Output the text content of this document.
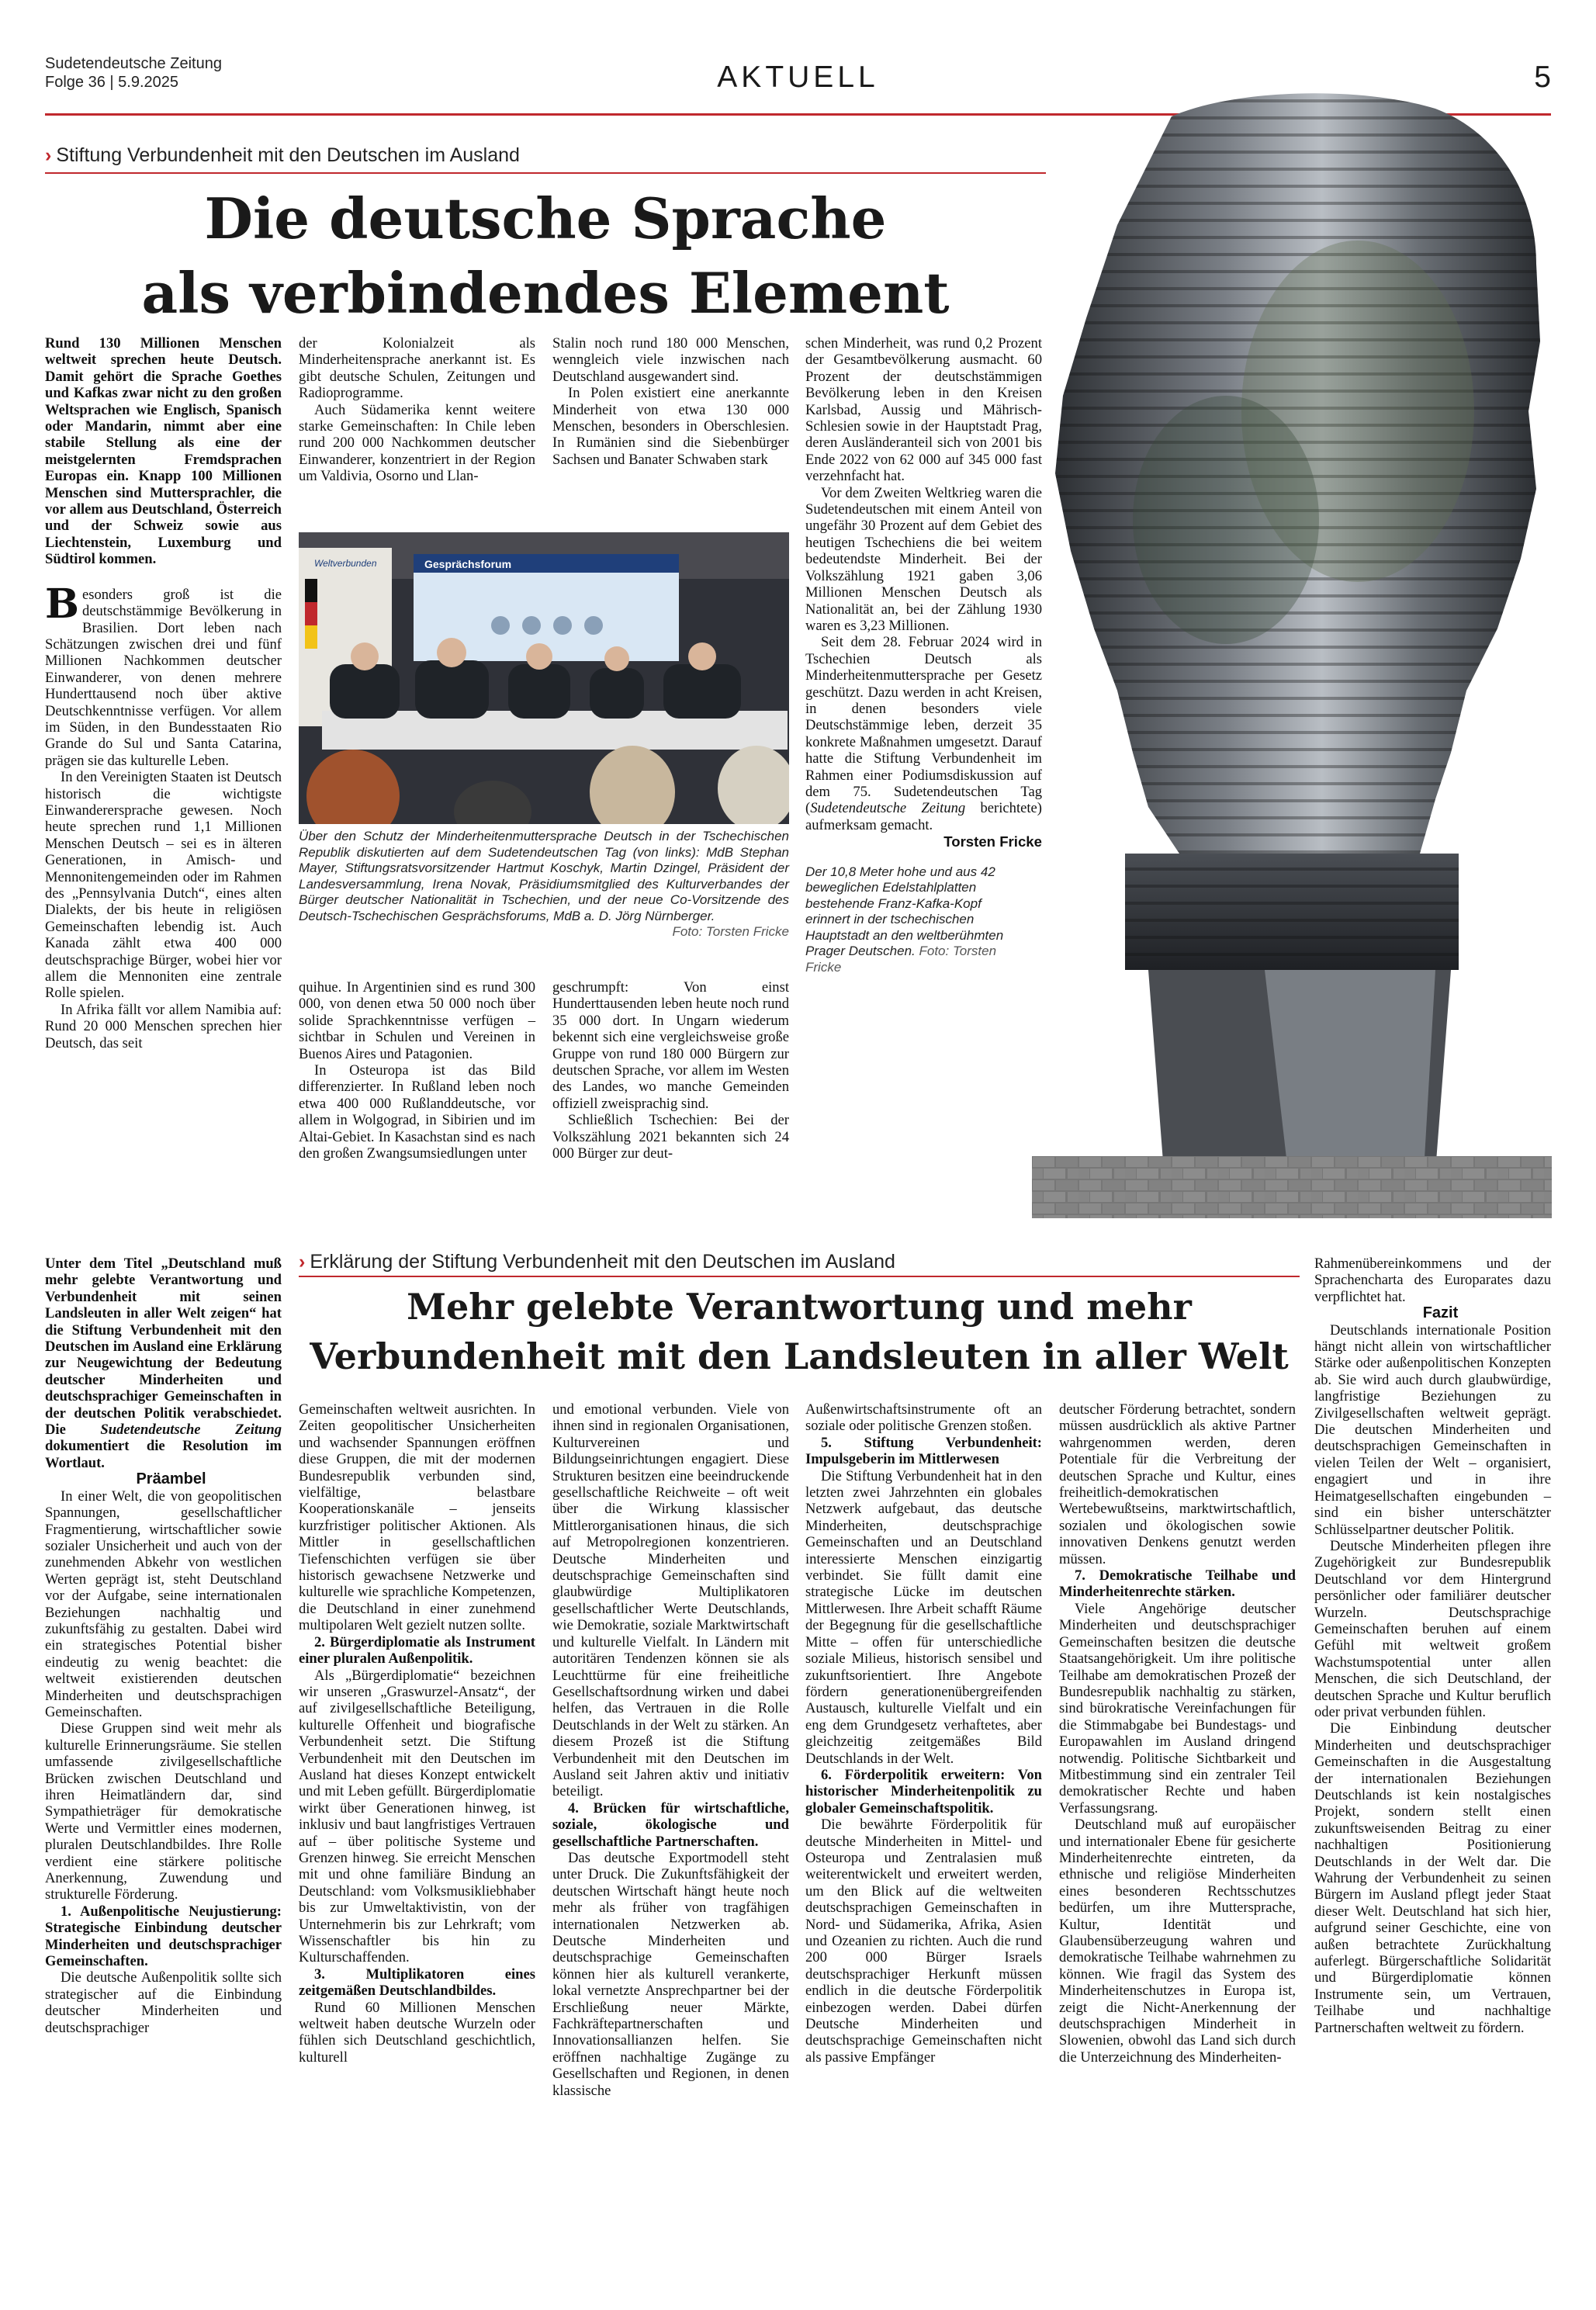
Sudetendeutsche Zeitung
Folge 36 | 5.9.2025	AKTUELL	5
› Stiftung Verbundenheit mit den Deutschen im Ausland
Die deutsche Sprache
als verbindendes Element

Rund 130 Millionen Menschen weltweit sprechen heute Deutsch. Damit gehört die Sprache Goethes und Kafkas zwar nicht zu den großen Weltsprachen wie Englisch, Spanisch oder Mandarin, nimmt aber eine stabile Stellung als eine der meistgelernten Fremdsprachen Europas ein. Knapp 100 Millionen Menschen sind Muttersprachler, die vor allem aus Deutschland, Österreich und der Schweiz sowie aus Liechtenstein, Luxemburg und Südtirol kommen.

Besonders groß ist die deutschstämmige Bevölkerung in Brasilien. Dort leben nach Schätzungen zwischen drei und fünf Millionen Nachkommen deutscher Einwanderer, von denen mehrere Hunderttausend noch über aktive Deutschkenntnisse verfügen. Vor allem im Süden, in den Bundesstaaten Rio Grande do Sul und Santa Catarina, prägen sie das kulturelle Leben.

In den Vereinigten Staaten ist Deutsch historisch die wichtigste Einwanderersprache gewesen. Noch heute sprechen rund 1,1 Millionen Menschen Deutsch – sei es in älteren Generationen, in Amisch- und Mennonitengemeinden oder im Rahmen des „Pennsylvania Dutch“, eines alten Dialekts, der bis heute in religiösen Gemeinschaften lebendig ist. Auch Kanada zählt etwa 400 000 deutschsprachige Bürger, wobei hier vor allem die Mennoniten eine zentrale Rolle spielen.

In Afrika fällt vor allem Namibia auf: Rund 20 000 Menschen sprechen hier Deutsch, das seit

der Kolonialzeit als Minderheitensprache anerkannt ist. Es gibt deutsche Schulen, Zeitungen und Radioprogramme.

Auch Südamerika kennt weitere starke Gemeinschaften: In Chile leben rund 200 000 Nachkommen deutscher Einwanderer, konzentriert in der Region um Valdivia, Osorno und Llan-

Stalin noch rund 180 000 Menschen, wenngleich viele inzwischen nach Deutschland ausgewandert sind.

In Polen existiert eine anerkannte Minderheit von etwa 130 000 Menschen, besonders in Oberschlesien. In Rumänien sind die Siebenbürger Sachsen und Banater Schwaben stark

Gesprächsforum
Weltverbunden
Über den Schutz der Minderheitenmuttersprache Deutsch in der Tschechischen Republik diskutierten auf dem Sudetendeutschen Tag (von links): MdB Stephan Mayer, Stiftungsratsvorsitzender Hartmut Koschyk, Martin Dzingel, Präsident der Landesversammlung, Irena Novak, Präsidiumsmitglied des Kulturverbandes der Bürger deutscher Nationalität in Tschechien, und der neue Co-Vorsitzende des Deutsch-Tschechischen Gesprächsforums, MdB a. D. Jörg Nürnberger.
Foto: Torsten Fricke

quihue. In Argentinien sind es rund 300 000, von denen etwa 50 000 noch über solide Sprachkenntnisse verfügen – sichtbar in Schulen und Vereinen in Buenos Aires und Patagonien.

In Osteuropa ist das Bild differenzierter. In Rußland leben noch etwa 400 000 Rußlanddeutsche, vor allem in Wolgograd, in Sibirien und im Altai-Gebiet. In Kasachstan sind es nach den großen Zwangsumsiedlungen unter

geschrumpft: Von einst Hunderttausenden leben heute noch rund 35 000 dort. In Ungarn wiederum bekennt sich eine vergleichsweise große Gruppe von rund 180 000 Bürgern zur deutschen Sprache, vor allem im Westen des Landes, wo manche Gemeinden offiziell zweisprachig sind.

Schließlich Tschechien: Bei der Volkszählung 2021 bekannten sich 24 000 Bürger zur deut-

schen Minderheit, was rund 0,2 Prozent der Gesamtbevölkerung ausmacht. 60 Prozent der deutschstämmigen Bevölkerung leben in den Kreisen Karlsbad, Aussig und Mährisch-Schlesien sowie in der Hauptstadt Prag, deren Ausländeranteil sich von 2001 bis Ende 2022 von 62 000 auf 345 000 fast verzehnfacht hat.

Vor dem Zweiten Weltkrieg waren die Sudetendeutschen mit einem Anteil von ungefähr 30 Prozent auf dem Gebiet des heutigen Tschechiens die bei weitem bedeutendste Minderheit. Bei der Volkszählung 1921 gaben 3,06 Millionen Menschen Deutsch als Nationalität an, bei der Zählung 1930 waren es 3,23 Millionen.

Seit dem 28. Februar 2024 wird in Tschechien Deutsch als Minderheitenmuttersprache per Gesetz geschützt. Dazu werden in acht Kreisen, in denen besonders viele Deutschstämmige leben, derzeit 35 konkrete Maßnahmen umgesetzt. Darauf hatte die Stiftung Verbundenheit im Rahmen einer Podiumsdiskussion auf dem 75. Sudetendeutschen Tag (Sudetendeutsche Zeitung berichtete) aufmerksam gemacht.

Torsten Fricke

Der 10,8 Meter hohe und aus 42 beweglichen Edelstahlplatten bestehende Franz-Kafka-Kopf erinnert in der tschechischen Hauptstadt an den weltberühmten Prager Deutschen. Foto: Torsten Fricke
› Erklärung der Stiftung Verbundenheit mit den Deutschen im Ausland
Mehr gelebte Verantwortung und mehr
Verbundenheit mit den Landsleuten in aller Welt

Unter dem Titel „Deutschland muß mehr gelebte Verantwortung und Verbundenheit mit seinen Landsleuten in aller Welt zeigen“ hat die Stiftung Verbundenheit mit den Deutschen im Ausland eine Erklärung zur Neugewichtung der Bedeutung deutscher Minderheiten und deutschsprachiger Gemeinschaften in der deutschen Politik verabschiedet. Die Sudetendeutsche Zeitung dokumentiert die Resolution im Wortlaut.

Präambel

In einer Welt, die von geopolitischen Spannungen, gesellschaftlicher Fragmentierung, wirtschaftlicher sowie sozialer Unsicherheit und auch von der zunehmenden Abkehr von westlichen Werten geprägt ist, steht Deutschland vor der Aufgabe, seine internationalen Beziehungen nachhaltig und zukunftsfähig zu gestalten. Dabei wird ein strategisches Potential bisher eindeutig zu wenig beachtet: die weltweit existierenden deutschen Minderheiten und deutschsprachigen Gemeinschaften.

Diese Gruppen sind weit mehr als kulturelle Erinnerungsräume. Sie stellen umfassende zivilgesellschaftliche Brücken zwischen Deutschland und ihren Heimatländern dar, sind Sympathieträger für demokratische Werte und Vermittler eines modernen, pluralen Deutschlandbildes. Ihre Rolle verdient eine stärkere politische Anerkennung, Zuwendung und strukturelle Förderung.

1. Außenpolitische Neujustierung: Strategische Einbindung deutscher Minderheiten und deutschsprachiger Gemeinschaften.

Die deutsche Außenpolitik sollte sich strategischer auf die Einbindung deutscher Minderheiten und deutschsprachiger

Gemeinschaften weltweit ausrichten. In Zeiten geopolitischer Unsicherheiten und wachsender Spannungen eröffnen diese Gruppen, die mit der modernen Bundesrepublik verbunden sind, vielfältige, belastbare Kooperationskanäle – jenseits kurzfristiger politischer Aktionen. Als Mittler in gesellschaftlichen Tiefenschichten verfügen sie über historisch gewachsene Netzwerke und kulturelle wie sprachliche Kompetenzen, die Deutschland in einer zunehmend multipolaren Welt gezielt nutzen sollte.

2. Bürgerdiplomatie als Instrument einer pluralen Außenpolitik.

Als „Bürgerdiplomatie“ bezeichnen wir unseren „Graswurzel-Ansatz“, der auf zivilgesellschaftliche Beteiligung, kulturelle Offenheit und biografische Verbundenheit setzt. Die Stiftung Verbundenheit mit den Deutschen im Ausland hat dieses Konzept entwickelt und mit Leben gefüllt. Bürgerdiplomatie wirkt über Generationen hinweg, ist inklusiv und baut langfristiges Vertrauen auf – über politische Systeme und Grenzen hinweg. Sie erreicht Menschen mit und ohne familiäre Bindung an Deutschland: vom Volksmusikliebhaber bis zur Umweltaktivistin, von der Unternehmerin bis zur Lehrkraft; vom Wissenschaftler bis hin zu Kulturschaffenden.

3. Multiplikatoren eines zeitgemäßen Deutschlandbildes.

Rund 60 Millionen Menschen weltweit haben deutsche Wurzeln oder fühlen sich Deutschland geschichtlich, kulturell

und emotional verbunden. Viele von ihnen sind in regionalen Organisationen, Kulturvereinen und Bildungseinrichtungen engagiert. Diese Strukturen besitzen eine beeindruckende gesellschaftliche Reichweite – oft weit über die Wirkung klassischer Mittlerorganisationen hinaus, die sich auf Metropolregionen konzentrieren. Deutsche Minderheiten und deutschsprachige Gemeinschaften sind glaubwürdige Multiplikatoren gesellschaftlicher Werte Deutschlands, wie Demokratie, soziale Marktwirtschaft und kulturelle Vielfalt. In Ländern mit autoritären Tendenzen können sie als Leuchttürme für eine freiheitliche Gesellschaftsordnung wirken und dabei helfen, das Vertrauen in die Rolle Deutschlands in der Welt zu stärken. An diesem Prozeß ist die Stiftung Verbundenheit mit den Deutschen im Ausland seit Jahren aktiv und initiativ beteiligt.

4. Brücken für wirtschaftliche, soziale, ökologische und gesellschaftliche Partnerschaften.

Das deutsche Exportmodell steht unter Druck. Die Zukunftsfähigkeit der deutschen Wirtschaft hängt heute noch mehr als früher von tragfähigen internationalen Netzwerken ab. Deutsche Minderheiten und deutschsprachige Gemeinschaften können hier als kulturell verankerte, lokal vernetzte Ansprechpartner bei der Erschließung neuer Märkte, Fachkräftepartnerschaften und Innovationsallianzen helfen. Sie eröffnen nachhaltige Zugänge zu Gesellschaften und Regionen, in denen klassische

Außenwirtschaftsinstrumente oft an soziale oder politische Grenzen stoßen.

5. Stiftung Verbundenheit: Impulsgeberin im Mittlerwesen

Die Stiftung Verbundenheit hat in den letzten zwei Jahrzehnten ein globales Netzwerk aufgebaut, das deutsche Minderheiten, deutschsprachige Gemeinschaften und an Deutschland interessierte Menschen einzigartig verbindet. Sie füllt damit eine strategische Lücke im deutschen Mittlerwesen. Ihre Arbeit schafft Räume der Begegnung für die gesellschaftliche Mitte – offen für unterschiedliche soziale Milieus, historisch sensibel und zukunftsorientiert. Ihre Angebote fördern generationenübergreifenden Austausch, kulturelle Vielfalt und ein eng dem Grundgesetz verhaftetes, aber gleichzeitig zeitgemäßes Bild Deutschlands in der Welt.

6. Förderpolitik erweitern: Von historischer Minderheitenpolitik zu globaler Gemeinschaftspolitik.

Die bewährte Förderpolitik für deutsche Minderheiten in Mittel- und Osteuropa und Zentralasien muß weiterentwickelt und erweitert werden, um den Blick auf die weltweiten deutschsprachigen Gemeinschaften in Nord- und Südamerika, Afrika, Asien und Ozeanien zu richten. Auch die rund 200 000 Bürger Israels deutschsprachiger Herkunft müssen endlich in die deutsche Förderpolitik einbezogen werden. Dabei dürfen Deutsche Minderheiten und deutschsprachige Gemeinschaften nicht als passive Empfänger

deutscher Förderung betrachtet, sondern müssen ausdrücklich als aktive Partner wahrgenommen werden, deren Potentiale für die Verbreitung der deutschen Sprache und Kultur, eines freiheitlich-demokratischen Wertebewußtseins, marktwirtschaftlich, sozialen und ökologischen sowie innovativen Denkens genutzt werden müssen.

7. Demokratische Teilhabe und Minderheitenrechte stärken.

Viele Angehörige deutscher Minderheiten und deutschsprachiger Gemeinschaften besitzen die deutsche Staatsangehörigkeit. Um ihre politische Teilhabe am demokratischen Prozeß der Bundesrepublik nachhaltig zu stärken, sind bürokratische Vereinfachungen für die Stimmabgabe bei Bundestags- und Europawahlen im Ausland dringend notwendig. Politische Sichtbarkeit und Mitbestimmung sind ein zentraler Teil demokratischer Rechte und haben Verfassungsrang.

Deutschland muß auf europäischer und internationaler Ebene für gesicherte Minderheitenrechte eintreten, da ethnische und religiöse Minderheiten eines besonderen Rechtsschutzes bedürfen, um ihre Muttersprache, Kultur, Identität und Glaubensüberzeugung wahren und demokratische Teilhabe wahrnehmen zu können. Wie fragil das System des Minderheitenschutzes in Europa ist, zeigt die Nicht-Anerkennung der deutschsprachigen Minderheit in Slowenien, obwohl das Land sich durch die Unterzeichnung des Minderheiten-

Rahmenübereinkommens und der Sprachencharta des Europarates dazu verpflichtet hat.

Fazit

Deutschlands internationale Position hängt nicht allein von wirtschaftlicher Stärke oder außenpolitischen Konzepten ab. Sie wird auch durch glaubwürdige, langfristige Beziehungen zu Zivilgesellschaften weltweit geprägt. Die deutschen Minderheiten und deutschsprachigen Gemeinschaften in vielen Teilen der Welt – organisiert, engagiert und in ihre Heimatgesellschaften eingebunden – sind ein bisher unterschätzter Schlüsselpartner deutscher Politik.

Deutsche Minderheiten pflegen ihre Zugehörigkeit zur Bundesrepublik Deutschland vor dem Hintergrund persönlicher oder familiärer deutscher Wurzeln. Deutschsprachige Gemeinschaften beruhen auf einem Gefühl mit weltweit großem Wachstumspotential unter allen Menschen, die sich Deutschland, der deutschen Sprache und Kultur beruflich oder privat verbunden fühlen.

Die Einbindung deutscher Minderheiten und deutschsprachiger Gemeinschaften in die Ausgestaltung der internationalen Beziehungen Deutschlands ist kein nostalgisches Projekt, sondern stellt einen zukunftsweisenden Beitrag zu einer nachhaltigen Positionierung Deutschlands in der Welt dar. Die Wahrung der Verbundenheit zu seinen Bürgern im Ausland pflegt jeder Staat dieser Welt. Deutschland hat sich hier, aufgrund seiner Geschichte, eine von außen betrachtete Zurückhaltung auferlegt. Bürgerschaftliche Solidarität und Bürgerdiplomatie können Instrumente sein, um Vertrauen, Teilhabe und nachhaltige Partnerschaften weltweit zu fördern.
